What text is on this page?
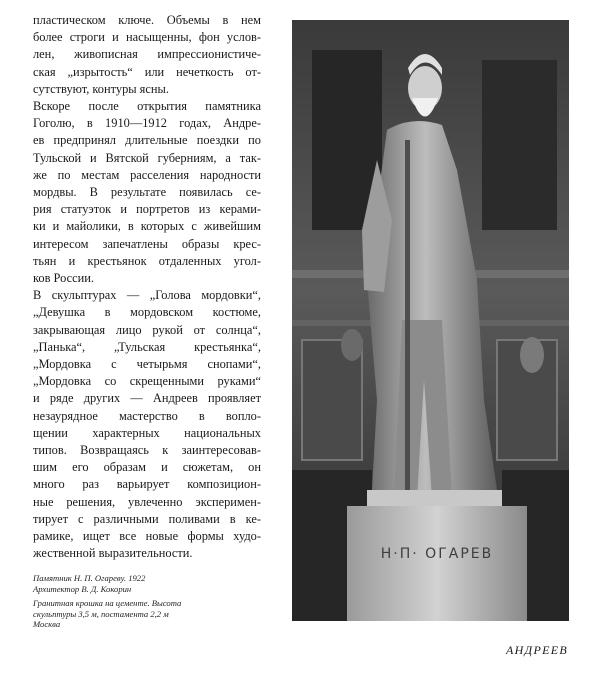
пластическом ключе. Объемы в нем
более строги и насыщенны, фон услов-
лен, живописная импрессионистиче-
ская „изрытость“ или нечеткость от-
сутствуют, контуры ясны.

Вскоре после открытия памятника
Гоголю, в 1910—1912 годах, Андре-
ев предпринял длительные поездки по
Тульской и Вятской губерниям, а так-
же по местам расселения народности
мордвы. В результате появилась се-
рия статуэток и портретов из керами-
ки и майолики, в которых с живейшим
интересом запечатлены образы крес-
тьян и крестьянок отдаленных угол-
ков России.

В скульптурах — „Голова мордовки“,
„Девушка в мордовском костюме,
закрывающая лицо рукой от солнца“,
„Панька“, „Тульская крестьянка“,
„Мордовка с четырьмя снопами“,
„Мордовка со скрещенными руками“
и ряде других — Андреев проявляет
незаурядное мастерство в вопло-
щении характерных национальных
типов. Возвращаясь к заинтересовав-
шим его образам и сюжетам, он
много раз варьирует композицион-
ные решения, увлеченно эксперимен-
тирует с различными поливами в ке-
рамике, ищет все новые формы худо-
жественной выразительности.

Памятник Н. П. Огареву. 1922
Архитектор В. Д. Кокорин
Гранитная крошка на цементе. Высота
скульптуры 3,5 м, постамента 2,2 м
Москва
Н·П· ОГАРЕВ
АНДРЕЕВ
